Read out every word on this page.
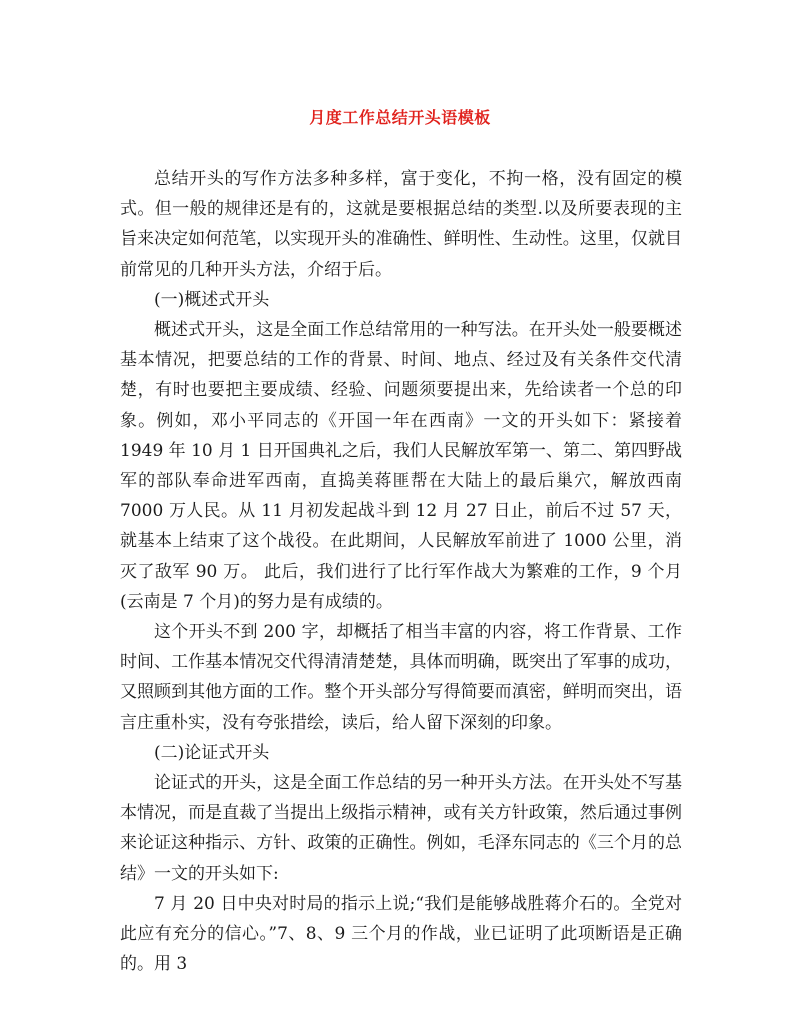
月度工作总结开头语模板

总结开头的写作方法多种多样，富于变化，不拘一格，没有固定的模式。但一般的规律还是有的，这就是要根据总结的类型.以及所要表现的主旨来决定如何范笔，以实现开头的准确性、鲜明性、生动性。这里，仅就目前常见的几种开头方法，介绍于后。

(一)概述式开头

概述式开头，这是全面工作总结常用的一种写法。在开头处一般要概述基本情况，把要总结的工作的背景、时间、地点、经过及有关条件交代清楚，有时也要把主要成绩、经验、问题须要提出来，先给读者一个总的印象。例如，邓小平同志的《开国一年在西南》一文的开头如下：紧接着 1949 年 10 月 1 日开国典礼之后，我们人民解放军第一、第二、第四野战军的部队奉命进军西南，直捣美蒋匪帮在大陆上的最后巢穴，解放西南 7000 万人民。从 11 月初发起战斗到 12 月 27 日止，前后不过 57 天，就基本上结束了这个战役。在此期间，人民解放军前进了 1000 公里，消灭了敌军 90 万。 此后，我们进行了比行军作战大为繁难的工作，9 个月(云南是 7 个月)的努力是有成绩的。

这个开头不到 200 字，却概括了相当丰富的内容，将工作背景、工作时间、工作基本情况交代得清清楚楚，具体而明确，既突出了军事的成功，又照顾到其他方面的工作。整个开头部分写得简要而滇密，鲜明而突出，语言庄重朴实，没有夸张措绘，读后，给人留下深刻的印象。

(二)论证式开头

论证式的开头，这是全面工作总结的另一种开头方法。在开头处不写基本情况，而是直裁了当提出上级指示精神，或有关方针政策，然后通过事例来论证这种指示、方针、政策的正确性。例如，毛泽东同志的《三个月的总结》一文的开头如下:

7 月 20 日中央对时局的指示上说;“我们是能够战胜蒋介石的。全党对此应有充分的信心。”7、8、9 三个月的作战，业已证明了此项断语是正确的。用 3
